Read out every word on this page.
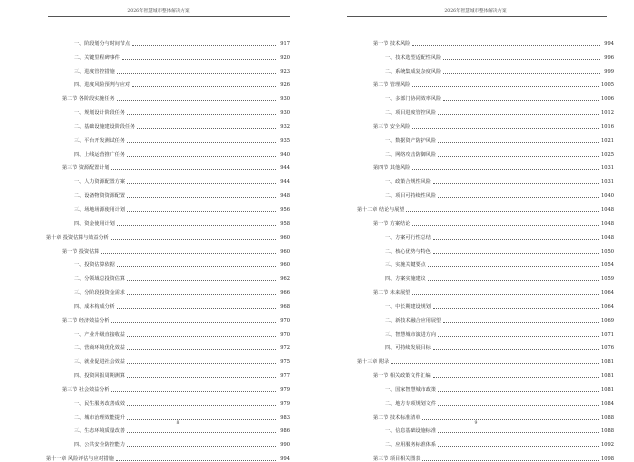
2026年智慧城市整体解决方案
一、阶段划分与时间节点	917
二、关键里程碑事件	920
三、进度管控措施	923
四、进度风险预判与应对	926
第二节 各阶段实施任务	930
一、规划设计阶段任务	930
二、基础设施建设阶段任务	932
三、平台开发测试任务	935
四、上线运营推广任务	940
第三节 资源配置计划	944
一、人力资源配置方案	944
二、设备物资资源配置	948
三、场地场源使用计划	956
四、资金使用计划	958
第十章 投资估算与效益分析	960
第一节 投资估算	960
一、投资估算依据	960
二、分领域总投资估算	962
三、分阶段投资金需求	966
四、成本构成分析	968
第二节 经济效益分析	970
一、产业升级直接收益	970
二、营商环境优化效益	972
三、就业促进社会效益	975
四、投资回报周期测算	977
第三节 社会效益分析	979
一、民生服务改善成效	979
二、城市治理效能提升	983
三、生态环境质量改善	986
四、公共安全防控能力	990
第十一章 风险评估与应对措施	994
8
2026年智慧城市整体解决方案
第一节 技术风险	994
一、技术选型适配性风险	996
二、系统集成复杂度风险	999
第二节 管理风险	1005
一、多部门协同效率风险	1006
二、项目进度管控风险	1012
第三节 安全风险	1016
一、数据资产防护风险	1021
二、网络攻击防御风险	1025
第四节 其他风险	1031
一、政策合规性风险	1031
二、项目可持续性风险	1040
第十二章 结论与展望	1048
第一节 方案结论	1048
一、方案可行性总结	1048
二、核心优势与特色	1050
三、实施关键要点	1054
四、方案实施建议	1059
第二节 未来展望	1064
一、中长期建设规划	1064
二、新技术融合应用展望	1069
三、智慧城市演进方向	1071
四、可持续发展目标	1076
第十三章 附录	1081
第一节 相关政策文件汇编	1081
一、国家智慧城市政策	1081
二、地方专项规划文件	1084
第二节 技术标准清单	1088
一、信息基础设施标准	1088
二、应用服务标准体系	1092
第三节 项目相关图表	1098
9
